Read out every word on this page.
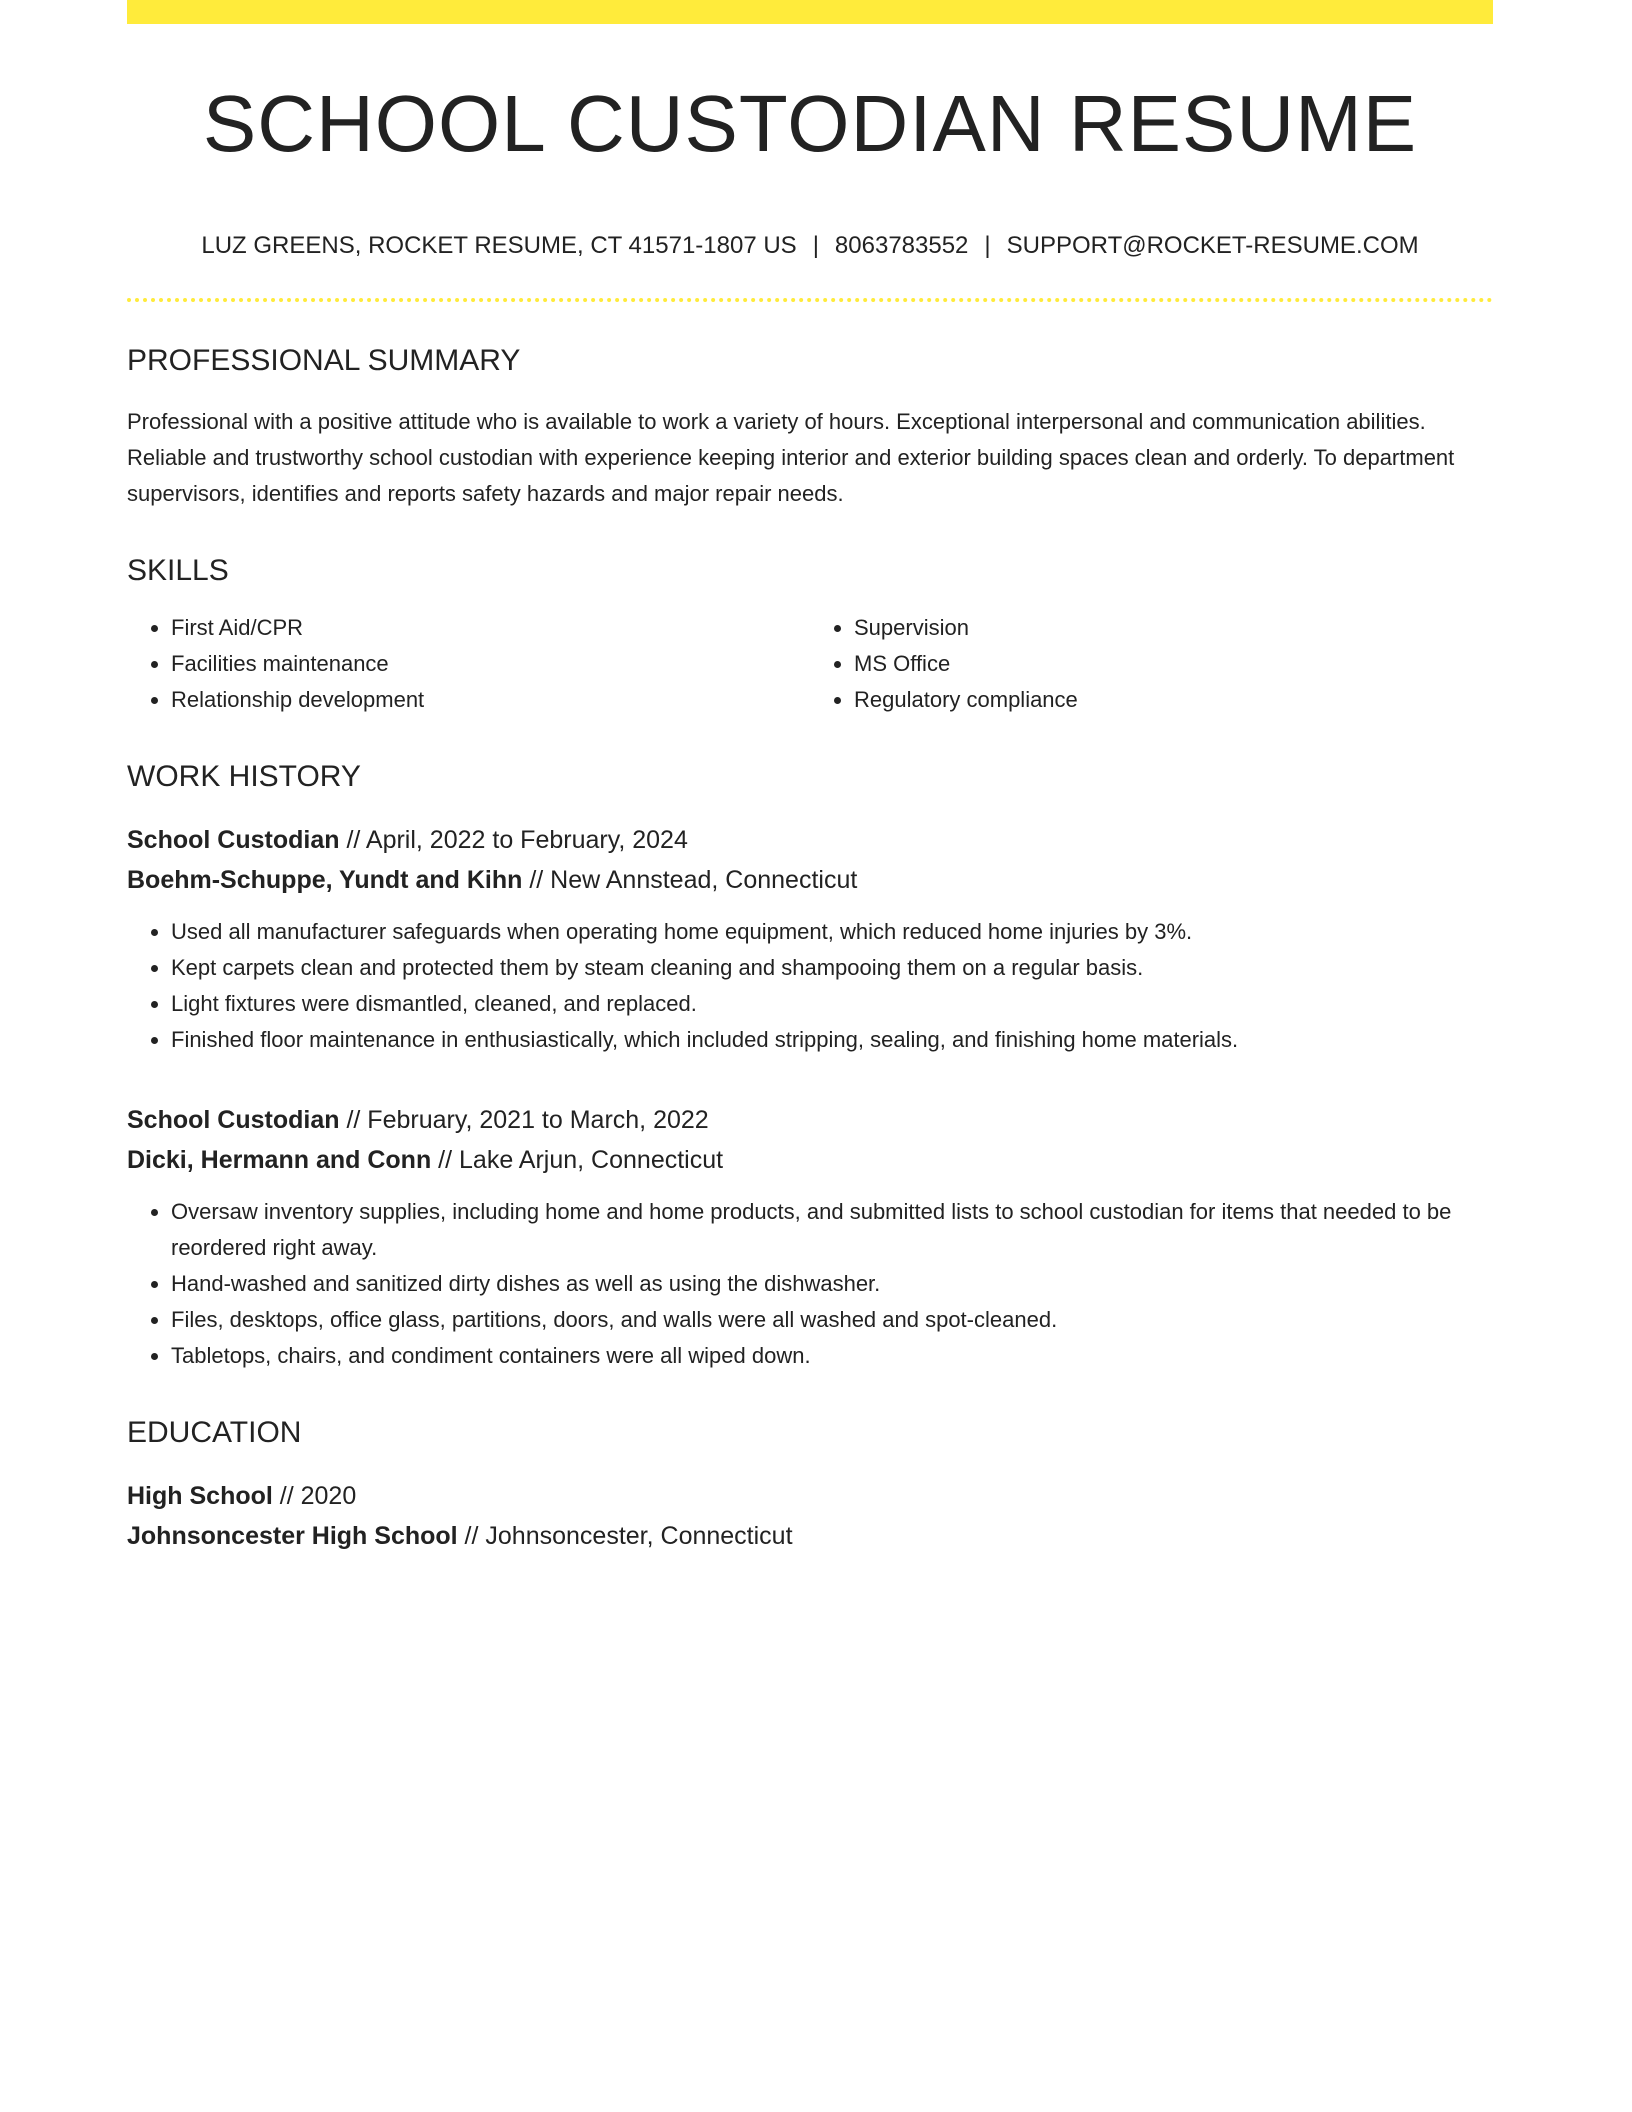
SCHOOL CUSTODIAN RESUME
LUZ GREENS, ROCKET RESUME, CT 41571-1807 US | 8063783552 | SUPPORT@ROCKET-RESUME.COM
PROFESSIONAL SUMMARY

Professional with a positive attitude who is available to work a variety of hours. Exceptional interpersonal and communication abilities. Reliable and trustworthy school custodian with experience keeping interior and exterior building spaces clean and orderly. To department supervisors, identifies and reports safety hazards and major repair needs.

SKILLS
• First Aid/CPR
• Facilities maintenance
• Relationship development
• Supervision
• MS Office
• Regulatory compliance
WORK HISTORY

School Custodian // April, 2022 to February, 2024

Boehm-Schuppe, Yundt and Kihn // New Annstead, Connecticut

• Used all manufacturer safeguards when operating home equipment, which reduced home injuries by 3%.
• Kept carpets clean and protected them by steam cleaning and shampooing them on a regular basis.
• Light fixtures were dismantled, cleaned, and replaced.
• Finished floor maintenance in enthusiastically, which included stripping, sealing, and finishing home materials.

School Custodian // February, 2021 to March, 2022

Dicki, Hermann and Conn // Lake Arjun, Connecticut

• Oversaw inventory supplies, including home and home products, and submitted lists to school custodian for items that needed to be reordered right away.
• Hand-washed and sanitized dirty dishes as well as using the dishwasher.
• Files, desktops, office glass, partitions, doors, and walls were all washed and spot-cleaned.
• Tabletops, chairs, and condiment containers were all wiped down.
EDUCATION

High School // 2020

Johnsoncester High School // Johnsoncester, Connecticut
